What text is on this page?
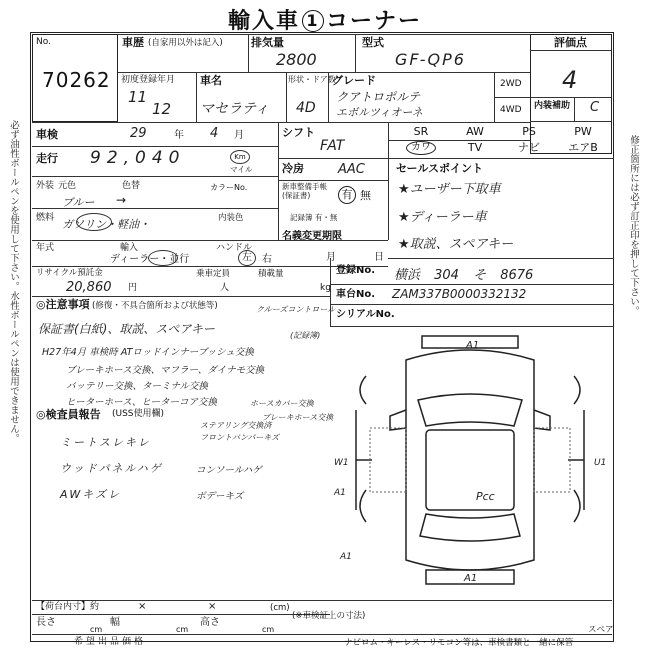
輸入車 1 コーナー
必ず油性ボールペンを使用して下さい。水性ボールペンは使用できません。	修正箇所には必ず訂正印を押して下さい。
No.
70262
車歴 (自家用以外は記入)	排気量
2800
型式
GF-QP6
評価点
4
内装補助 C
初度登録年月
11
12
車名
マセラティ
形状・ドア数
4D
グレード
クアトロポルテ
エボルツィオーネ
2WD
4WD
車検	29	年 4 月
走行 92,040	Km
マイル
シフト
FAT
冷房	AAC
新車整備手帳(保証書)	有 無
記録簿 有・無
SR	AW	PS	PW
カワ	TV	ナビ	エアB
セールスポイント
★ ユーザー下取車
★ ディーラー車
★ 取説、スペアキー
外装 元色	色替
ブルー →
カラーNo.
燃料 ガソリン・軽油・	内装色
年式	輸入
ディーラー・並行
ハンドル
左	右
名義変更期限
月	日
リサイクル預託金
20,860 円
乗車定員
人
積載量
kg
登録No. 横浜 304 そ 8676
車台No. ZAM337B0000332132
シリアルNo.
◎注意事項 (修復・不具合箇所および状態等)
保証書(白紙)、取説、スペアキー
H27年4月 車検時 ATロッドインナーブッシュ交換
ブレーキホース交換、マフラー、ダイナモ交換
バッテリー交換、ターミナル交換
ヒーターホース、ヒーターコア交換
クルーズコントロール
(記録簿)
ホースカバー交換
ブレーキホース交換
◎検査員報告 (USS使用欄)
ミートスレキレ
ウッドパネルハゲ
AWキズレ
コンソールハゲ
ボデーキズ
ステアリング交換済
フロントバンパーキズ
A1
W1
A1
A1
A1
Pcc
U1
【荷台内寸】約	×	×	(cm)
長さ
cm
幅
cm
高さ
cm
(※車検証上の寸法)
スペア
希望出品価格	ナビロム・キーレス・リモコン等は、車検書類と一緒に保管
